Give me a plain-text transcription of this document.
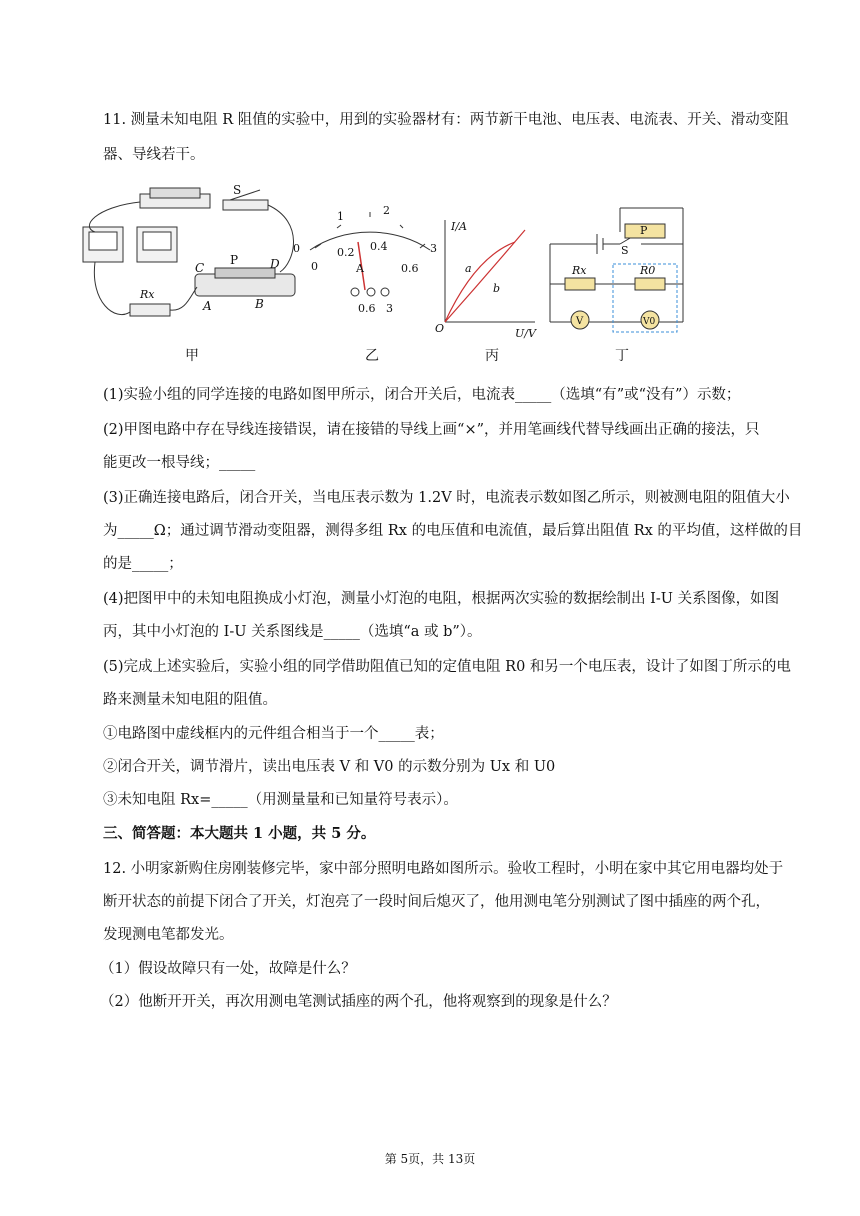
11. 测量未知电阻 R 阻值的实验中，用到的实验器材有：两节新干电池、电压表、电流表、开关、滑动变阻
器、导线若干。
S
P
C	D
A	B
Rx
甲
0
1	2
3
0
0.2 0.4
0.6
A
0.6 3
乙
I/A
U/V
O
a
b
丙
S
P
Rx	R0
V	V0
丁
(1)实验小组的同学连接的电路如图甲所示，闭合开关后，电流表_____（选填“有”或“没有”）示数；
(2)甲图电路中存在导线连接错误，请在接错的导线上画“×”，并用笔画线代替导线画出正确的接法，只
能更改一根导线；_____
(3)正确连接电路后，闭合开关，当电压表示数为 1.2V 时，电流表示数如图乙所示，则被测电阻的阻值大小
为_____Ω；通过调节滑动变阻器，测得多组 Rx 的电压值和电流值，最后算出阻值 Rx 的平均值，这样做的目
的是_____；
(4)把图甲中的未知电阻换成小灯泡，测量小灯泡的电阻，根据两次实验的数据绘制出 I-U 关系图像，如图
丙，其中小灯泡的 I-U 关系图线是_____（选填“a 或 b”）。
(5)完成上述实验后，实验小组的同学借助阻值已知的定值电阻 R0 和另一个电压表，设计了如图丁所示的电
路来测量未知电阻的阻值。
①电路图中虚线框内的元件组合相当于一个_____表；
②闭合开关，调节滑片，读出电压表 V 和 V0 的示数分别为 Ux 和 U0
③未知电阻 Rx=_____（用测量量和已知量符号表示）。
三、简答题：本大题共 1 小题，共 5 分。
12. 小明家新购住房刚装修完毕，家中部分照明电路如图所示。验收工程时，小明在家中其它用电器均处于
断开状态的前提下闭合了开关，灯泡亮了一段时间后熄灭了，他用测电笔分别测试了图中插座的两个孔，
发现测电笔都发光。
（1）假设故障只有一处，故障是什么？
（2）他断开开关，再次用测电笔测试插座的两个孔，他将观察到的现象是什么？
第 5页，共 13页
